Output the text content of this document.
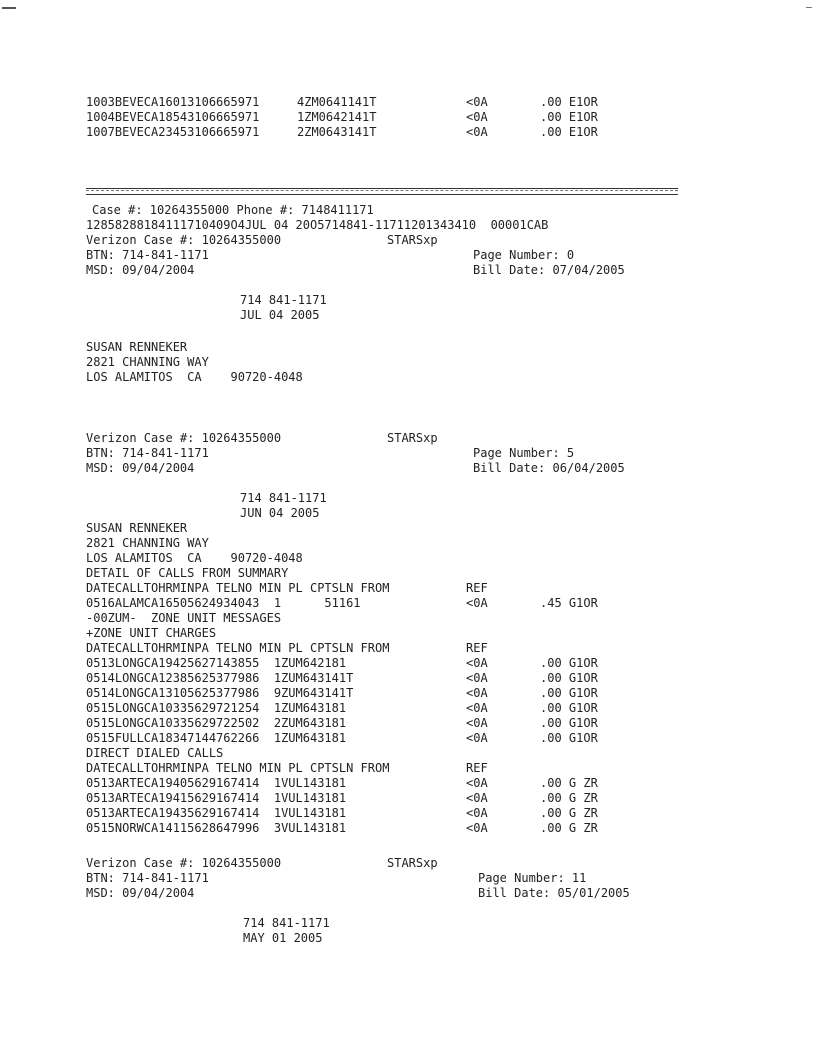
1003BEVECA16013106665971	4ZM0641141T	<0A	.00 E1OR
1004BEVECA18543106665971	1ZM0642141T	<0A	.00 E1OR
1007BEVECA23453106665971	2ZM0643141T	<0A	.00 E1OR
Case #: 10264355000 Phone #: 7148411171
12858288184111710409O4JUL 04 20O5714841-11711201343410  00001CAB
Verizon Case #: 10264355000	STARSxp
BTN: 714-841-1171	Page Number: 0
MSD: 09/04/2004	Bill Date: 07/04/2005
714 841-1171
JUL 04 2005
SUSAN RENNEKER
2821 CHANNING WAY
LOS ALAMITOS  CA    90720-4048
Verizon Case #: 10264355000	STARSxp
BTN: 714-841-1171	Page Number: 5
MSD: 09/04/2004	Bill Date: 06/04/2005
714 841-1171
JUN 04 2005
SUSAN RENNEKER
2821 CHANNING WAY
LOS ALAMITOS  CA    90720-4048
DETAIL OF CALLS FROM SUMMARY
DATECALLTOHRMINPA TELNO MIN PL CPTSLN FROM	REF
0516ALAMCA16505624934043  1      51161	<0A	.45 G1OR
-00ZUM-  ZONE UNIT MESSAGES
+ZONE UNIT CHARGES
DATECALLTOHRMINPA TELNO MIN PL CPTSLN FROM	REF
0513LONGCA19425627143855  1ZUM642181	<0A	.00 G1OR
0514LONGCA12385625377986  1ZUM643141T	<0A	.00 G1OR
0514LONGCA13105625377986  9ZUM643141T	<0A	.00 G1OR
0515LONGCA10335629721254  1ZUM643181	<0A	.00 G1OR
0515LONGCA10335629722502  2ZUM643181	<0A	.00 G1OR
0515FULLCA18347144762266  1ZUM643181	<0A	.00 G1OR
DIRECT DIALED CALLS
DATECALLTOHRMINPA TELNO MIN PL CPTSLN FROM	REF
0513ARTECA19405629167414  1VUL143181	<0A	.00 G ZR
0513ARTECA19415629167414  1VUL143181	<0A	.00 G ZR
0513ARTECA19435629167414  1VUL143181	<0A	.00 G ZR
0515NORWCA14115628647996  3VUL143181	<0A	.00 G ZR
Verizon Case #: 10264355000	STARSxp
BTN: 714-841-1171	Page Number: 11
MSD: 09/04/2004	Bill Date: 05/01/2005
714 841-1171
MAY 01 2005
